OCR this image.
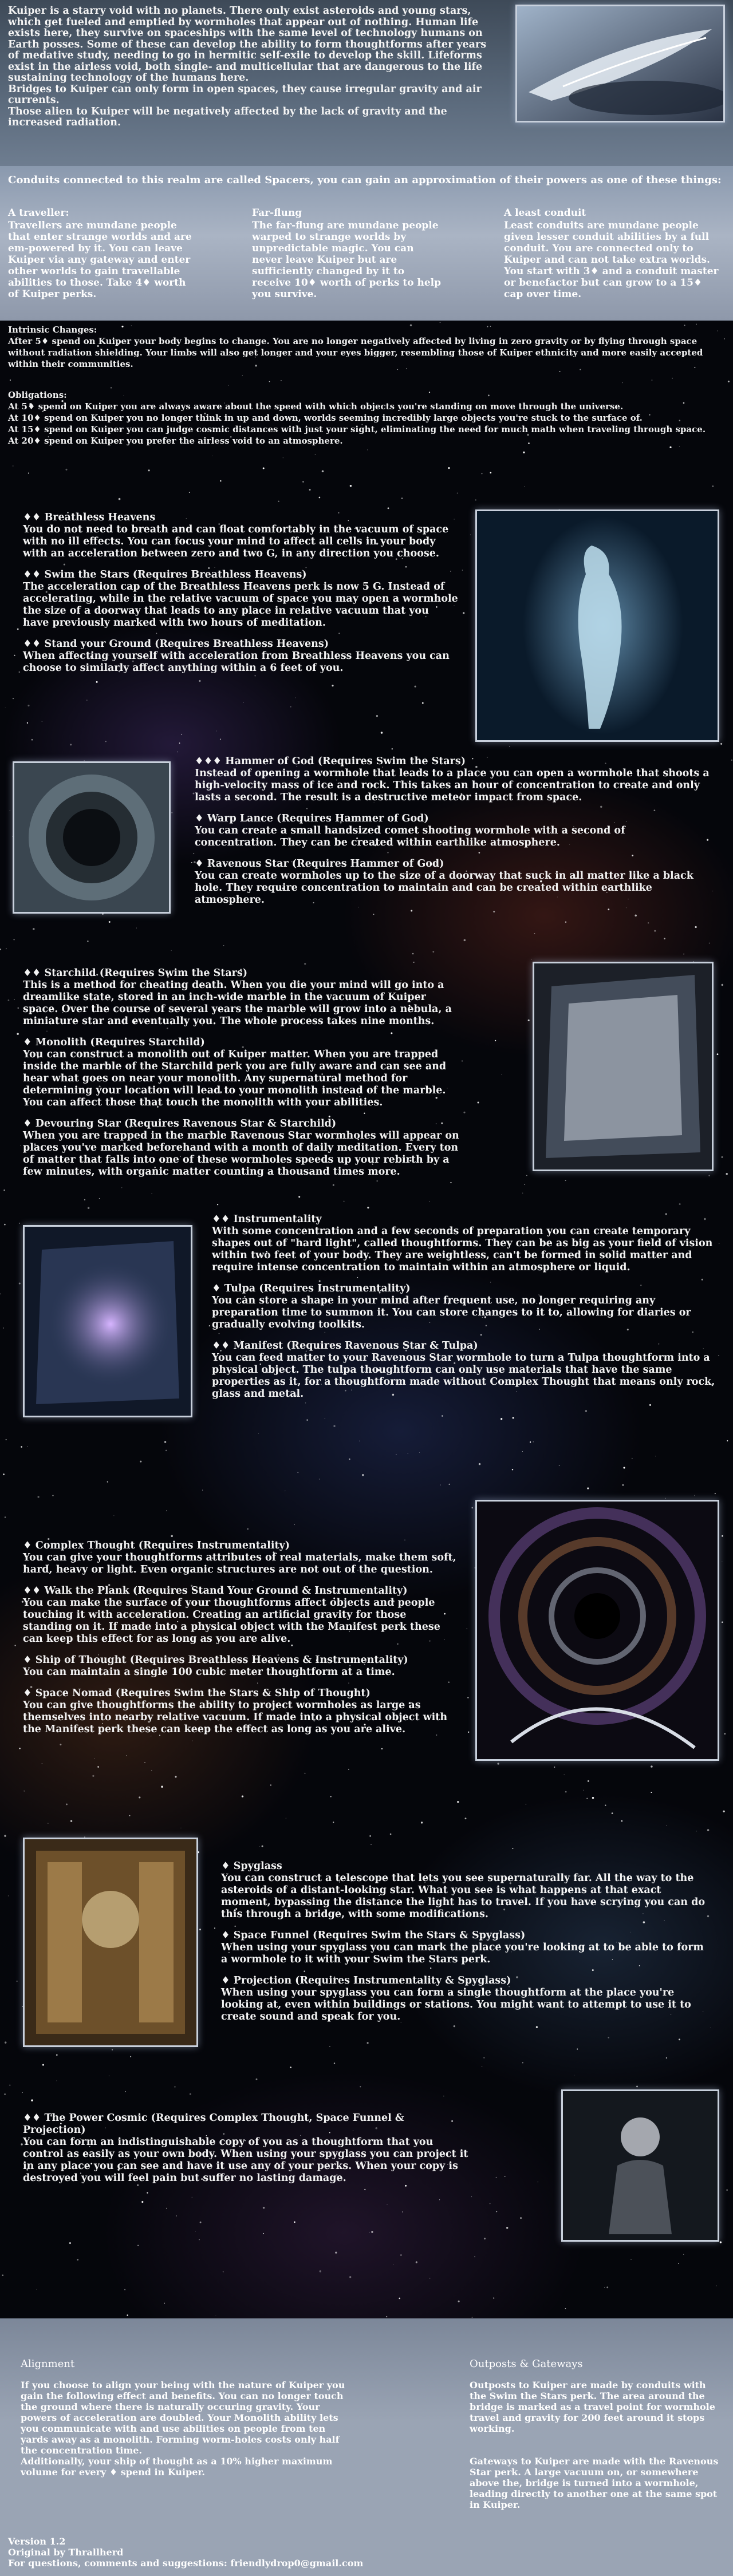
Kuiper is a starry void with no planets. There only exist asteroids and young stars, which get fueled and emptied by wormholes that appear out of nothing. Human life exists here, they survive on spaceships with the same level of technology humans on Earth posses. Some of these can develop the ability to form thoughtforms after years of medative study, needing to go in hermitic self-exile to develop the skill. Lifeforms exist in the airless void, both single- and multicellular that are dangerous to the life sustaining technology of the humans here.

Bridges to Kuiper can only form in open spaces, they cause irregular gravity and air currents.

Those alien to Kuiper will be negatively affected by the lack of gravity and the increased radiation.

Conduits connected to this realm are called Spacers, you can gain an approximation of their powers as one of these things:
A traveller:
Travellers are mundane people that enter strange worlds and are em-powered by it. You can leave Kuiper via any gateway and enter other worlds to gain travellable abilities to those. Take 4♦ worth of Kuiper perks.
Far-flung
The far-flung are mundane people warped to strange worlds by unpredictable magic. You can never leave Kuiper but are sufficiently changed by it to receive 10♦ worth of perks to help you survive.
A least conduit
Least conduits are mundane people given lesser conduit abilities by a full conduit. You are connected only to Kuiper and can not take extra worlds. You start with 3♦ and a conduit master or benefactor but can grow to a 15♦ cap over time.

Intrinsic Changes:

After 5♦ spend on Kuiper your body begins to change. You are no longer negatively affected by living in zero gravity or by flying through space without radiation shielding. Your limbs will also get longer and your eyes bigger, resembling those of Kuiper ethnicity and more easily accepted within their communities.

Obligations:

At 5♦ spend on Kuiper you are always aware about the speed with which objects you're standing on move through the universe.

At 10♦ spend on Kuiper you no longer think in up and down, worlds seeming incredibly large objects you're stuck to the surface of.

At 15♦ spend on Kuiper you can judge cosmic distances with just your sight, eliminating the need for much math when traveling through space.

At 20♦ spend on Kuiper you prefer the airless void to an atmosphere.

♦♦ Breathless Heavens
You do not need to breath and can float comfortably in the vacuum of space with no ill effects. You can focus your mind to affect all cells in your body with an acceleration between zero and two G, in any direction you choose.
♦♦ Swim the Stars (Requires Breathless Heavens)
The acceleration cap of the Breathless Heavens perk is now 5 G. Instead of accelerating, while in the relative vacuum of space you may open a wormhole the size of a doorway that leads to any place in relative vacuum that you have previously marked with two hours of meditation.
♦♦ Stand your Ground (Requires Breathless Heavens)
When affecting yourself with acceleration from Breathless Heavens you can choose to similarly affect anything within a 6 feet of you.
♦♦♦ Hammer of God (Requires Swim the Stars)
Instead of opening a wormhole that leads to a place you can open a wormhole that shoots a high-velocity mass of ice and rock. This takes an hour of concentration to create and only lasts a second. The result is a destructive meteor impact from space.
♦ Warp Lance (Requires Hammer of God)
You can create a small handsized comet shooting wormhole with a second of concentration. They can be created within earthlike atmosphere.
♦ Ravenous Star (Requires Hammer of God)
You can create wormholes up to the size of a doorway that suck in all matter like a black hole. They require concentration to maintain and can be created within earthlike atmosphere.
♦♦ Starchild (Requires Swim the Stars)
This is a method for cheating death. When you die your mind will go into a dreamlike state, stored in an inch-wide marble in the vacuum of Kuiper space. Over the course of several years the marble will grow into a nebula, a miniature star and eventually you. The whole process takes nine months.
♦ Monolith (Requires Starchild)
You can construct a monolith out of Kuiper matter. When you are trapped inside the marble of the Starchild perk you are fully aware and can see and hear what goes on near your monolith. Any supernatural method for determining your location will lead to your monolith instead of the marble. You can affect those that touch the monolith with your abilities.
♦ Devouring Star (Requires Ravenous Star & Starchild)
When you are trapped in the marble Ravenous Star wormholes will appear on places you've marked beforehand with a month of daily meditation. Every ton of matter that falls into one of these wormholes speeds up your rebirth by a few minutes, with organic matter counting a thousand times more.
♦♦ Instrumentality
With some concentration and a few seconds of preparation you can create temporary shapes out of "hard light", called thoughtforms. They can be as big as your field of vision within two feet of your body. They are weightless, can't be formed in solid matter and require intense concentration to maintain within an atmosphere or liquid.
♦ Tulpa (Requires Instrumentality)
You can store a shape in your mind after frequent use, no longer requiring any preparation time to summon it. You can store changes to it to, allowing for diaries or gradually evolving toolkits.
♦♦ Manifest (Requires Ravenous Star & Tulpa)
You can feed matter to your Ravenous Star wormhole to turn a Tulpa thoughtform into a physical object. The tulpa thoughtform can only use materials that have the same properties as it, for a thoughtform made without Complex Thought that means only rock, glass and metal.
♦ Complex Thought (Requires Instrumentality)
You can give your thoughtforms attributes of real materials, make them soft, hard, heavy or light. Even organic structures are not out of the question.
♦♦ Walk the Plank (Requires Stand Your Ground & Instrumentality)
You can make the surface of your thoughtforms affect objects and people touching it with acceleration. Creating an artificial gravity for those standing on it. If made into a physical object with the Manifest perk these can keep this effect for as long as you are alive.
♦ Ship of Thought (Requires Breathless Heavens & Instrumentality)
You can maintain a single 100 cubic meter thoughtform at a time.
♦ Space Nomad (Requires Swim the Stars & Ship of Thought)
You can give thoughtforms the ability to project wormholes as large as themselves into nearby relative vacuum. If made into a physical object with the Manifest perk these can keep the effect as long as you are alive.
♦ Spyglass
You can construct a telescope that lets you see supernaturally far. All the way to the asteroids of a distant-looking star. What you see is what happens at that exact moment, bypassing the distance the light has to travel. If you have scrying you can do this through a bridge, with some modifications.
♦ Space Funnel (Requires Swim the Stars & Spyglass)
When using your spyglass you can mark the place you're looking at to be able to form a wormhole to it with your Swim the Stars perk.
♦ Projection (Requires Instrumentality & Spyglass)
When using your spyglass you can form a single thoughtform at the place you're looking at, even within buildings or stations. You might want to attempt to use it to create sound and speak for you.
♦♦ The Power Cosmic (Requires Complex Thought, Space Funnel & Projection)
You can form an indistinguishable copy of you as a thoughtform that you control as easily as your own body. When using your spyglass you can project it in any place you can see and have it use any of your perks. When your copy is destroyed you will feel pain but suffer no lasting damage.

Alignment

If you choose to align your being with the nature of Kuiper you gain the following effect and benefits. You can no longer touch the ground where there is naturally occuring gravity. Your powers of acceleration are doubled. Your Monolith ability lets you communicate with and use abilities on people from ten yards away as a monolith. Forming worm-holes costs only half the concentration time.

Additionally, your ship of thought as a 10% higher maximum volume for every ♦ spend in Kuiper.

Outposts & Gateways

Outposts to Kuiper are made by conduits with the Swim the Stars perk. The area around the bridge is marked as a travel point for wormhole travel and gravity for 200 feet around it stops working.

Gateways to Kuiper are made with the Ravenous Star perk. A large vacuum on, or somewhere above the, bridge is turned into a wormhole, leading directly to another one at the same spot in Kuiper.

Version 1.2

Original by Thrallherd

For questions, comments and suggestions: friendlydrop0@gmail.com
